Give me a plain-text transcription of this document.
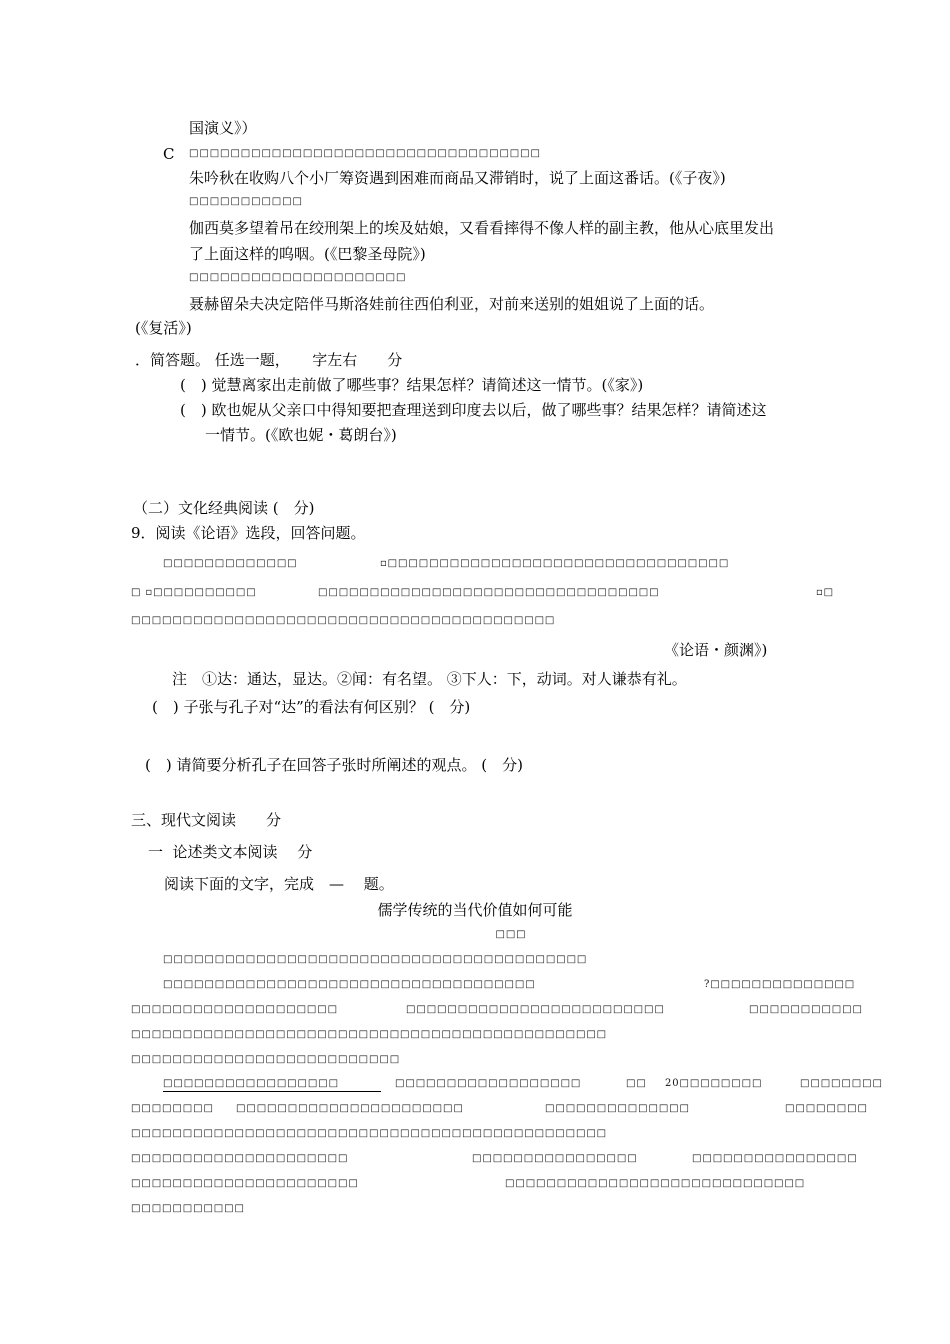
国演义》）
C □□□□□□□□□□□□□□□□□□□□□□□□□□□□□□□□□□
朱吟秋在收购八个小厂筹资遇到困难而商品又滞销时，说了上面这番话。(《子夜》)
□□□□□□□□□□□
伽西莫多望着吊在绞刑架上的埃及姑娘，又看看摔得不像人样的副主教，他从心底里发出
了上面这样的呜咽。(《巴黎圣母院》)
□□□□□□□□□□□□□□□□□□□□□
聂赫留朵夫决定陪伴马斯洛娃前往西伯利亚，对前来送别的姐姐说了上面的话。
(《复活》)
．简答题。 任选一题，　　字左右　　分
(　) 觉慧离家出走前做了哪些事？结果怎样？请简述这一情节。(《家》)
(　) 欧也妮从父亲口中得知要把查理送到印度去以后，做了哪些事？结果怎样？请简述这
一情节。(《欧也妮・葛朗台》)
（二）文化经典阅读 (　分)
9．阅读《论语》选段，回答问题。
□□□□□□□□□□□□□	▫□□□□□□□□□□□□□□□□□□□□□□□□□□□□□□□□□
□ ▫□□□□□□□□□□	□□□□□□□□□□□□□□□□□□□□□□□□□□□□□□□□□	▫□
□□□□□□□□□□□□□□□□□□□□□□□□□□□□□□□□□□□□□□□□□
《论语・颜渊》)
注　①达：通达，显达。②闻：有名望。 ③下人：下，动词。对人谦恭有礼。
(　) 子张与孔子对“达”的看法有何区别？ (　分)
(　) 请简要分析孔子在回答子张时所阐述的观点。 (　分)
三、现代文阅读　　分
一  论述类文本阅读　 分
阅读下面的文字，完成　—　 题。
儒学传统的当代价值如何可能
□□□
□□□□□□□□□□□□□□□□□□□□□□□□□□□□□□□□□□□□□□□□□
□□□□□□□□□□□□□□□□□□□□□□□□□□□□□□□□□□□□	?□□□□□□□□□□□□□□
□□□□□□□□□□□□□□□□□□□□	□□□□□□□□□□□□□□□□□□□□□□□□□	□□□□□□□□□□□
□□□□□□□□□□□□□□□□□□□□□□□□□□□□□□□□□□□□□□□□□□□□□□
□□□□□□□□□□□□□□□□□□□□□□□□□□
□□□□□□□□□□□□□□□□□	□□□□□□□□□□□□□□□□□□	□□ 20□□□□□□□□	□□□□□□□□
□□□□□□□□ □□□□□□□□□□□□□□□□□□□□□□	□□□□□□□□□□□□□□	□□□□□□□□
□□□□□□□□□□□□□□□□□□□□□□□□□□□□□□□□□□□□□□□□□□□□□□
□□□□□□□□□□□□□□□□□□□□□	□□□□□□□□□□□□□□□□	□□□□□□□□□□□□□□□□
□□□□□□□□□□□□□□□□□□□□□□	□□□□□□□□□□□□□□□□□□□□□□□□□□□□□
□□□□□□□□□□□
